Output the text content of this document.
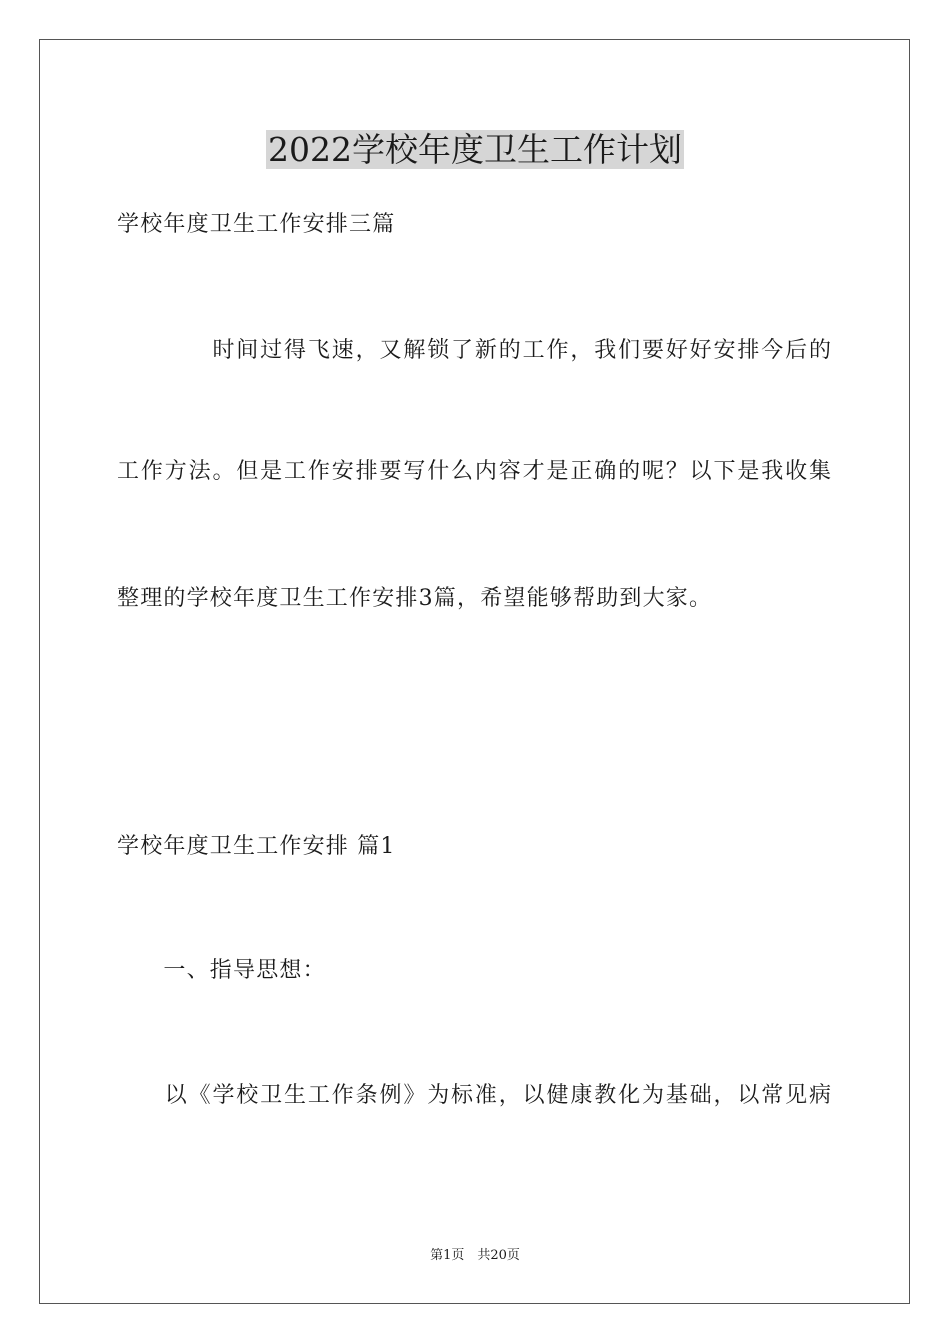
2022学校年度卫生工作计划

学校年度卫生工作安排三篇

　　　　时间过得飞速，又解锁了新的工作，我们要好好安排今后的

工作方法。但是工作安排要写什么内容才是正确的呢？以下是我收集

整理的学校年度卫生工作安排3篇，希望能够帮助到大家。

学校年度卫生工作安排 篇1

　　一、指导思想：

　　以《学校卫生工作条例》为标准，以健康教化为基础，以常见病

第1页　共20页
